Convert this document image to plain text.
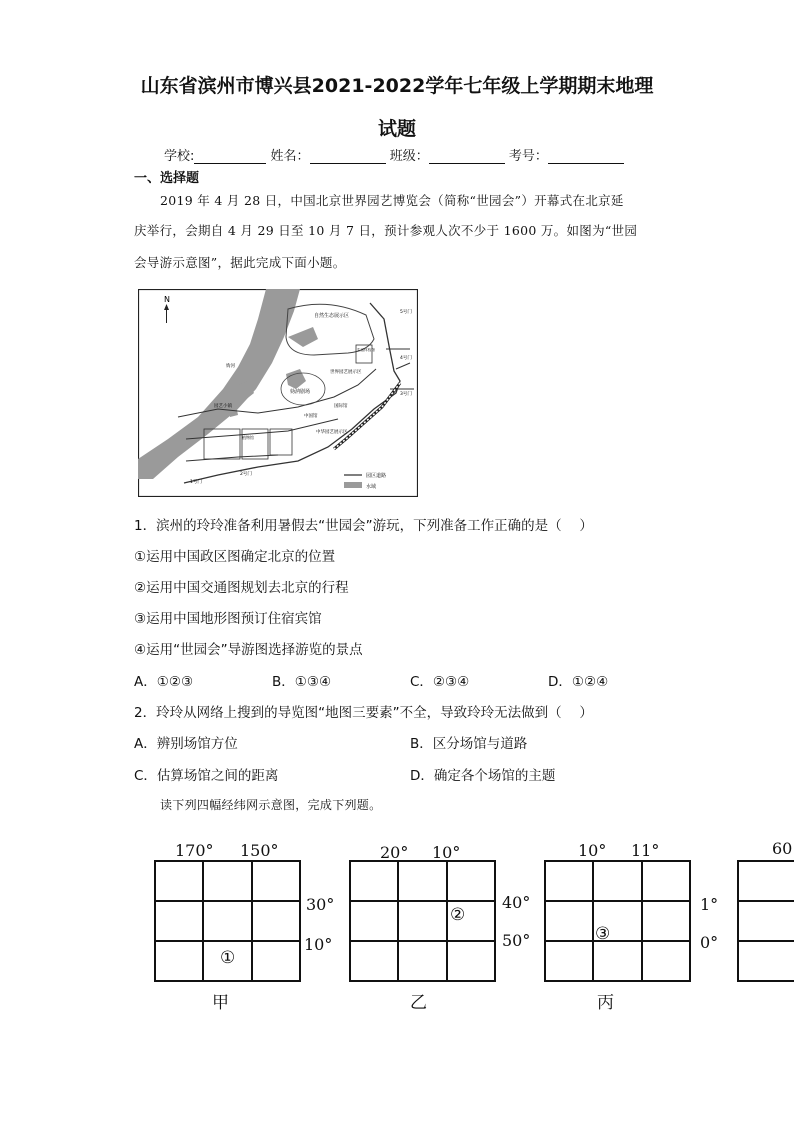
山东省滨州市博兴县2021-2022学年七年级上学期期末地理
试题
学校:	姓名：	班级：	考号：
一、选择题
2019 年 4 月 28 日，中国北京世界园艺博览会（简称“世园会”）开幕式在北京延
庆举行，会期自 4 月 29 日至 10 月 7 日，预计参观人次不少于 1600 万。如图为“世园
会导游示意图”，据此完成下面小题。
N
自然生态展示区
生活体验馆
世界园艺展示区
妫汭剧场
中国馆
国际馆
中华园艺展示区
园艺小镇
植物馆
妫河
5号门
4号门
3号门
2号门
1号门
园区道路
水域
1．滨州的玲玲准备利用暑假去“世园会”游玩，下列准备工作正确的是（　 ）
①运用中国政区图确定北京的位置
②运用中国交通图规划去北京的行程
③运用中国地形图预订住宿宾馆
④运用“世园会”导游图选择游览的景点
A．①②③	B．①③④	C．②③④	D．①②④
2．玲玲从网络上搜到的导览图“地图三要素”不全，导致玲玲无法做到（　 ）
A．辨别场馆方位	B．区分场馆与道路
C．估算场馆之间的距离	D．确定各个场馆的主题
读下列四幅经纬网示意图，完成下列题。
170° 150°
30°
10°
①
甲
20° 10°
40°
50°
②
乙
10° 11°
1°
0°
③
丙
60
